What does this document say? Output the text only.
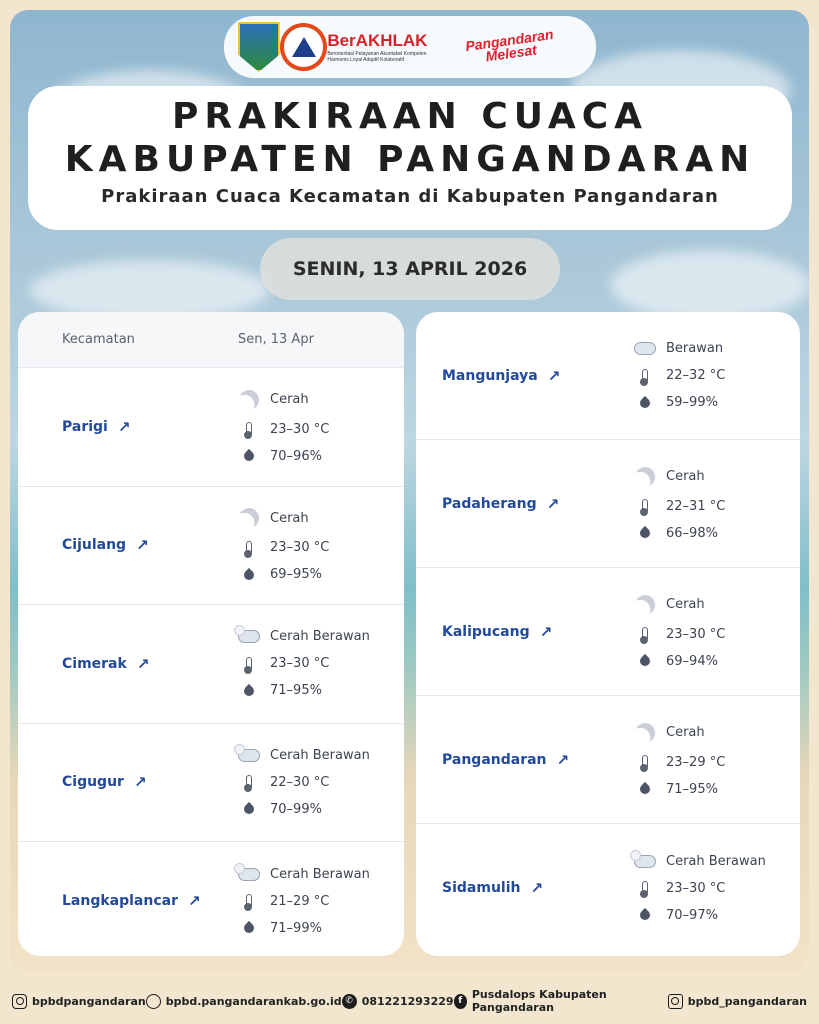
BerAKHLAK
Berorientasi Pelayanan Akuntabel Kompeten Harmonis Loyal Adaptif Kolaboratif
Pangandaran Melesat
PRAKIRAAN CUACA
KABUPATEN PANGANDARAN
Prakiraan Cuaca Kecamatan di Kabupaten Pangandaran
SENIN, 13 APRIL 2026
Kecamatan	Sen, 13 Apr
Parigi ↗
Cerah
23–30 °C
70–96%
Cijulang ↗
Cerah
23–30 °C
69–95%
Cimerak ↗
Cerah Berawan
23–30 °C
71–95%
Cigugur ↗
Cerah Berawan
22–30 °C
70–99%
Langkaplancar ↗
Cerah Berawan
21–29 °C
71–99%
Mangunjaya ↗
Berawan
22–32 °C
59–99%
Padaherang ↗
Cerah
22–31 °C
66–98%
Kalipucang ↗
Cerah
23–30 °C
69–94%
Pangandaran ↗
Cerah
23–29 °C
71–95%
Sidamulih ↗
Cerah Berawan
23–30 °C
70–97%
bpbdpangandaran bpbd.pangandarankab.go.id ✆ 081221293229 f Pusdalops Kabupaten Pangandaran	bpbd_pangandaran
